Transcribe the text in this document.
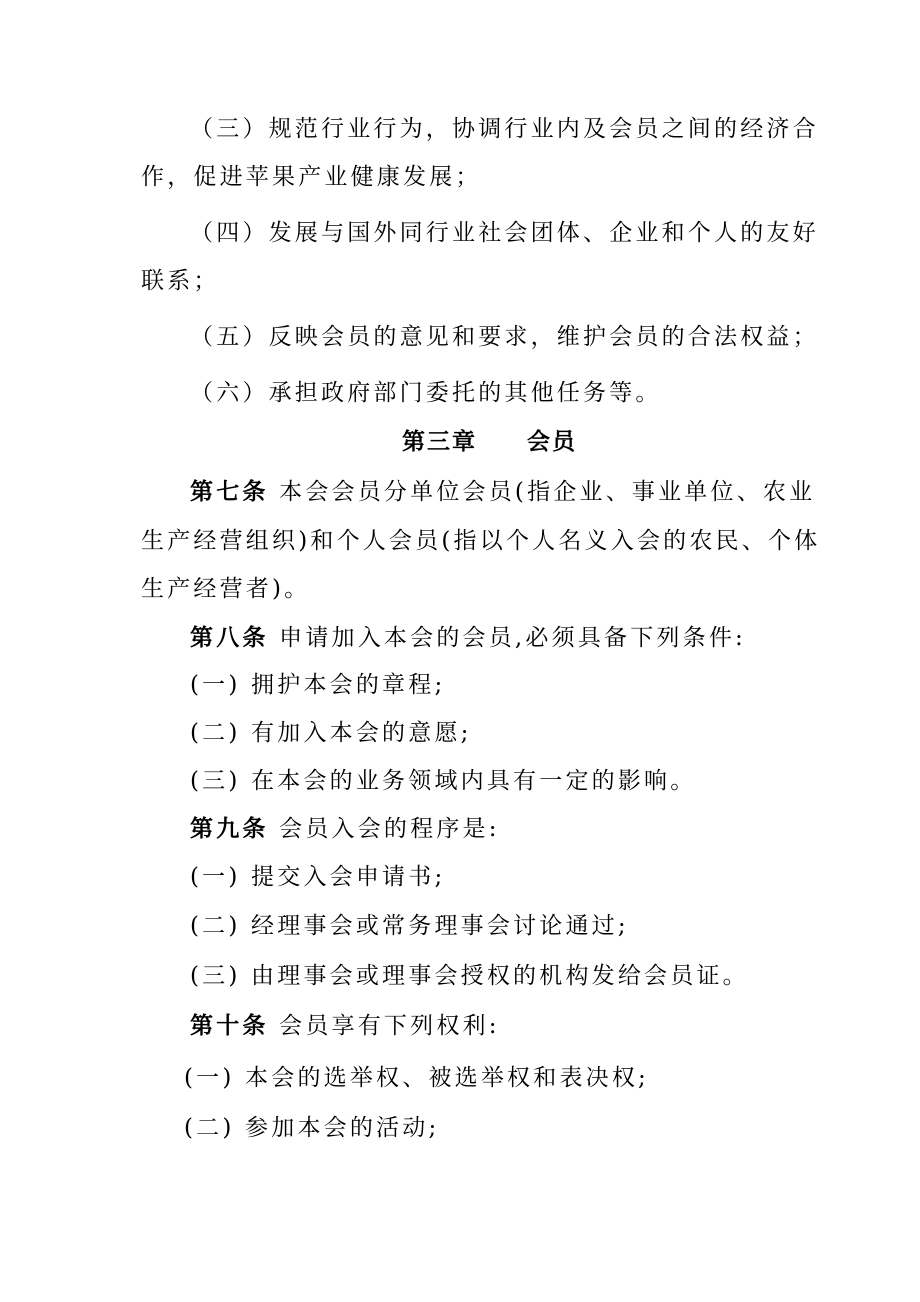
（三）规范行业行为，协调行业内及会员之间的经济合
作，促进苹果产业健康发展；
（四）发展与国外同行业社会团体、企业和个人的友好
联系；
（五）反映会员的意见和要求，维护会员的合法权益；
（六）承担政府部门委托的其他任务等。
第三章　　会员
第七条 本会会员分单位会员(指企业、事业单位、农业
生产经营组织)和个人会员(指以个人名义入会的农民、个体
生产经营者)。
第八条 申请加入本会的会员,必须具备下列条件:
(一) 拥护本会的章程;
(二) 有加入本会的意愿;
(三) 在本会的业务领域内具有一定的影响。
第九条 会员入会的程序是:
(一) 提交入会申请书;
(二) 经理事会或常务理事会讨论通过;
(三) 由理事会或理事会授权的机构发给会员证。
第十条 会员享有下列权利:
(一) 本会的选举权、被选举权和表决权;
(二) 参加本会的活动;
